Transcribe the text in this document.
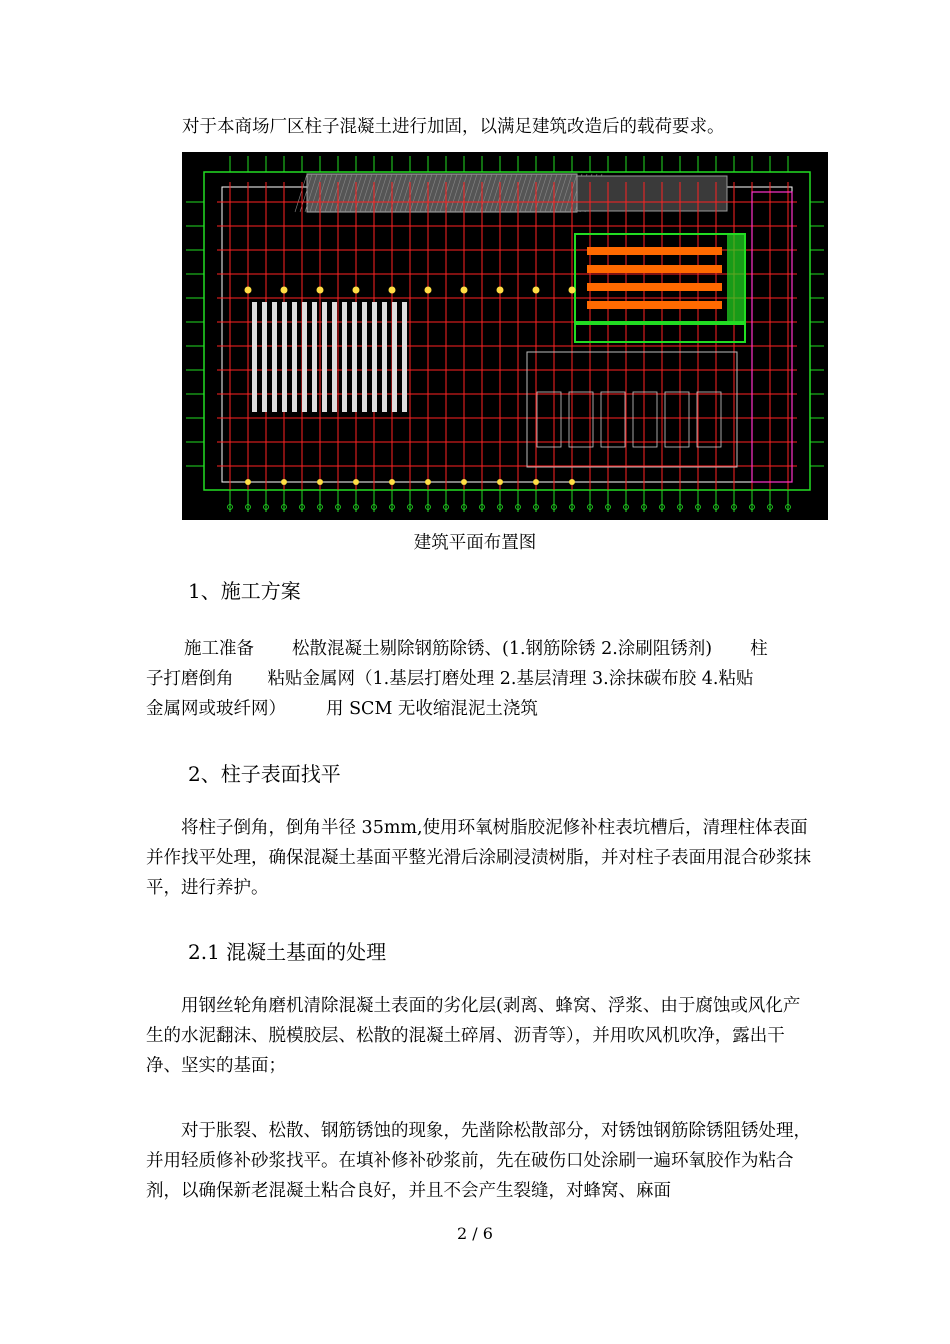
对于本商场厂区柱子混凝土进行加固，以满足建筑改造后的载荷要求。
建筑平面布置图
1、施工方案

施工准备 松散混凝土剔除钢筋除锈、(1.钢筋除锈 2.涂刷阻锈剂) 柱

子打磨倒角 粘贴金属网（1.基层打磨处理 2.基层清理 3.涂抹碳布胶 4.粘贴

金属网或玻纤网） 用 SCM 无收缩混泥土浇筑

2、柱子表面找平

将柱子倒角，倒角半径 35mm,使用环氧树脂胶泥修补柱表坑槽后，清理柱体表面并作找平处理，确保混凝土基面平整光滑后涂刷浸渍树脂，并对柱子表面用混合砂浆抹平，进行养护。

2.1 混凝土基面的处理

用钢丝轮角磨机清除混凝土表面的劣化层(剥离、蜂窝、浮浆、由于腐蚀或风化产生的水泥翻沫、脱模胶层、松散的混凝土碎屑、沥青等），并用吹风机吹净，露出干净、坚实的基面；

对于胀裂、松散、钢筋锈蚀的现象，先凿除松散部分，对锈蚀钢筋除锈阻锈处理，并用轻质修补砂浆找平。在填补修补砂浆前，先在破伤口处涂刷一遍环氧胶作为粘合剂，以确保新老混凝土粘合良好，并且不会产生裂缝，对蜂窝、麻面

2 / 6
